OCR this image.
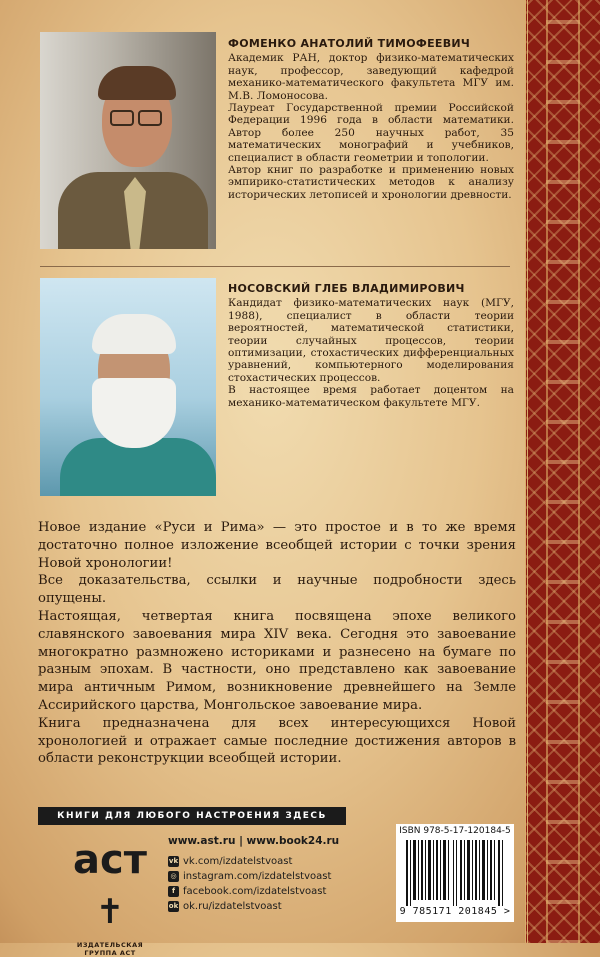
ФОМЕНКО АНАТОЛИЙ ТИМОФЕЕВИЧ

Академик РАН, доктор физико-математических наук, профессор, заведующий кафедрой механико-математического факультета МГУ им. М.В. Ломоносова.

Лауреат Государственной премии Российской Федерации 1996 года в области математики. Автор более 250 научных работ, 35 математических монографий и учебников, специалист в области геометрии и топологии.

Автор книг по разработке и применению новых эмпирико-статистических методов к анализу исторических летописей и хронологии древности.

НОСОВСКИЙ ГЛЕБ ВЛАДИМИРОВИЧ

Кандидат физико-математических наук (МГУ, 1988), специалист в области теории вероятностей, математической статистики, теории случайных процессов, теории оптимизации, стохастических дифференциальных уравнений, компьютерного моделирования стохастических процессов.

В настоящее время работает доцентом на механико-математическом факультете МГУ.

Новое издание «Руси и Рима» — это простое и в то же время достаточно полное изложение всеобщей истории с точки зрения Новой хронологии!

Все доказательства, ссылки и научные подробности здесь опущены.

Настоящая, четвертая книга посвящена эпохе великого славянского завоевания мира XIV века. Сегодня это завоевание многократно размножено историками и разнесено на бумаге по разным эпохам. В частности, оно представлено как завоевание мира античным Римом, возникновение древнейшего на Земле Ассирийского царства, Монгольское завоевание мира.

Книга предназначена для всех интересующихся Новой хронологией и отражает самые последние достижения авторов в области реконструкции всеобщей истории.

КНИГИ ДЛЯ ЛЮБОГО НАСТРОЕНИЯ ЗДЕСЬ
аст✝
ИЗДАТЕЛЬСКАЯ ГРУППА АСТ
www.ast.ru | www.book24.ru
vk vk.com/izdatelstvoast
◎ instagram.com/izdatelstvoast
f facebook.com/izdatelstvoast
ok ok.ru/izdatelstvoast
ISBN 978-5-17-120184-5
9 785171 201845 >
